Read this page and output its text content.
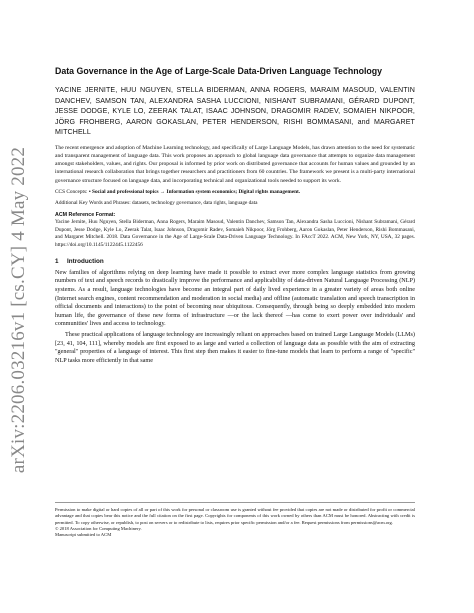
arXiv:2206.03216v1 [cs.CY] 4 May 2022
Data Governance in the Age of Large-Scale Data-Driven Language Technology

YACINE JERNITE, HUU NGUYEN, STELLA BIDERMAN, ANNA ROGERS, MARAIM MASOUD, VALENTIN DANCHEV, SAMSON TAN, ALEXANDRA SASHA LUCCIONI, NISHANT SUBRAMANI, GÉRARD DUPONT, JESSE DODGE, KYLE LO, ZEERAK TALAT, ISAAC JOHNSON, DRAGOMIR RADEV, SOMAIEH NIKPOOR, JÖRG FROHBERG, AARON GOKASLAN, PETER HENDERSON, RISHI BOMMASANI, and MARGARET MITCHELL

The recent emergence and adoption of Machine Learning technology, and specifically of Large Language Models, has drawn attention to the need for systematic and transparent management of language data. This work proposes an approach to global language data governance that attempts to organize data management amongst stakeholders, values, and rights. Our proposal is informed by prior work on distributed governance that accounts for human values and grounded by an international research collaboration that brings together researchers and practitioners from 60 countries. The framework we present is a multi-party international governance structure focused on language data, and incorporating technical and organizational tools needed to support its work.

CCS Concepts: • Social and professional topics → Information system economics; Digital rights management.

Additional Key Words and Phrases: datasets, technology governance, data rights, language data

ACM Reference Format:

Yacine Jernite, Huu Nguyen, Stella Biderman, Anna Rogers, Maraim Masoud, Valentin Danchev, Samson Tan, Alexandra Sasha Luccioni, Nishant Subramani, Gérard Dupont, Jesse Dodge, Kyle Lo, Zeerak Talat, Isaac Johnson, Dragomir Radev, Somaieh Nikpoor, Jörg Frohberg, Aaron Gokaslan, Peter Henderson, Rishi Bommasani, and Margaret Mitchell. 2018. Data Governance in the Age of Large-Scale Data-Driven Language Technology. In FAccT 2022. ACM, New York, NY, USA, 32 pages. https://doi.org/10.1145/1122445.1122456

1 Introduction

New families of algorithms relying on deep learning have made it possible to extract ever more complex language statistics from growing numbers of text and speech records to drastically improve the performance and applicability of data-driven Natural Language Processing (NLP) systems. As a result, language technologies have become an integral part of daily lived experience in a greater variety of areas both online (Internet search engines, content recommendation and moderation in social media) and offline (automatic translation and speech transcription in official documents and interactions) to the point of becoming near ubiquitous. Consequently, through being so deeply embedded into modern human life, the governance of these new forms of infrastructure —or the lack thereof —has come to exert power over individuals' and communities' lives and access to technology.

These practical applications of language technology are increasingly reliant on approaches based on trained Large Language Models (LLMs) [23, 41, 104, 111], whereby models are first exposed to as large and varied a collection of language data as possible with the aim of extracting "general" properties of a language of interest. This first step then makes it easier to fine-tune models that learn to perform a range of "specific" NLP tasks more efficiently in that same

Permission to make digital or hard copies of all or part of this work for personal or classroom use is granted without fee provided that copies are not made or distributed for profit or commercial advantage and that copies bear this notice and the full citation on the first page. Copyrights for components of this work owned by others than ACM must be honored. Abstracting with credit is permitted. To copy otherwise, or republish, to post on servers or to redistribute to lists, requires prior specific permission and/or a fee. Request permissions from permissions@acm.org.

© 2018 Association for Computing Machinery.

Manuscript submitted to ACM
